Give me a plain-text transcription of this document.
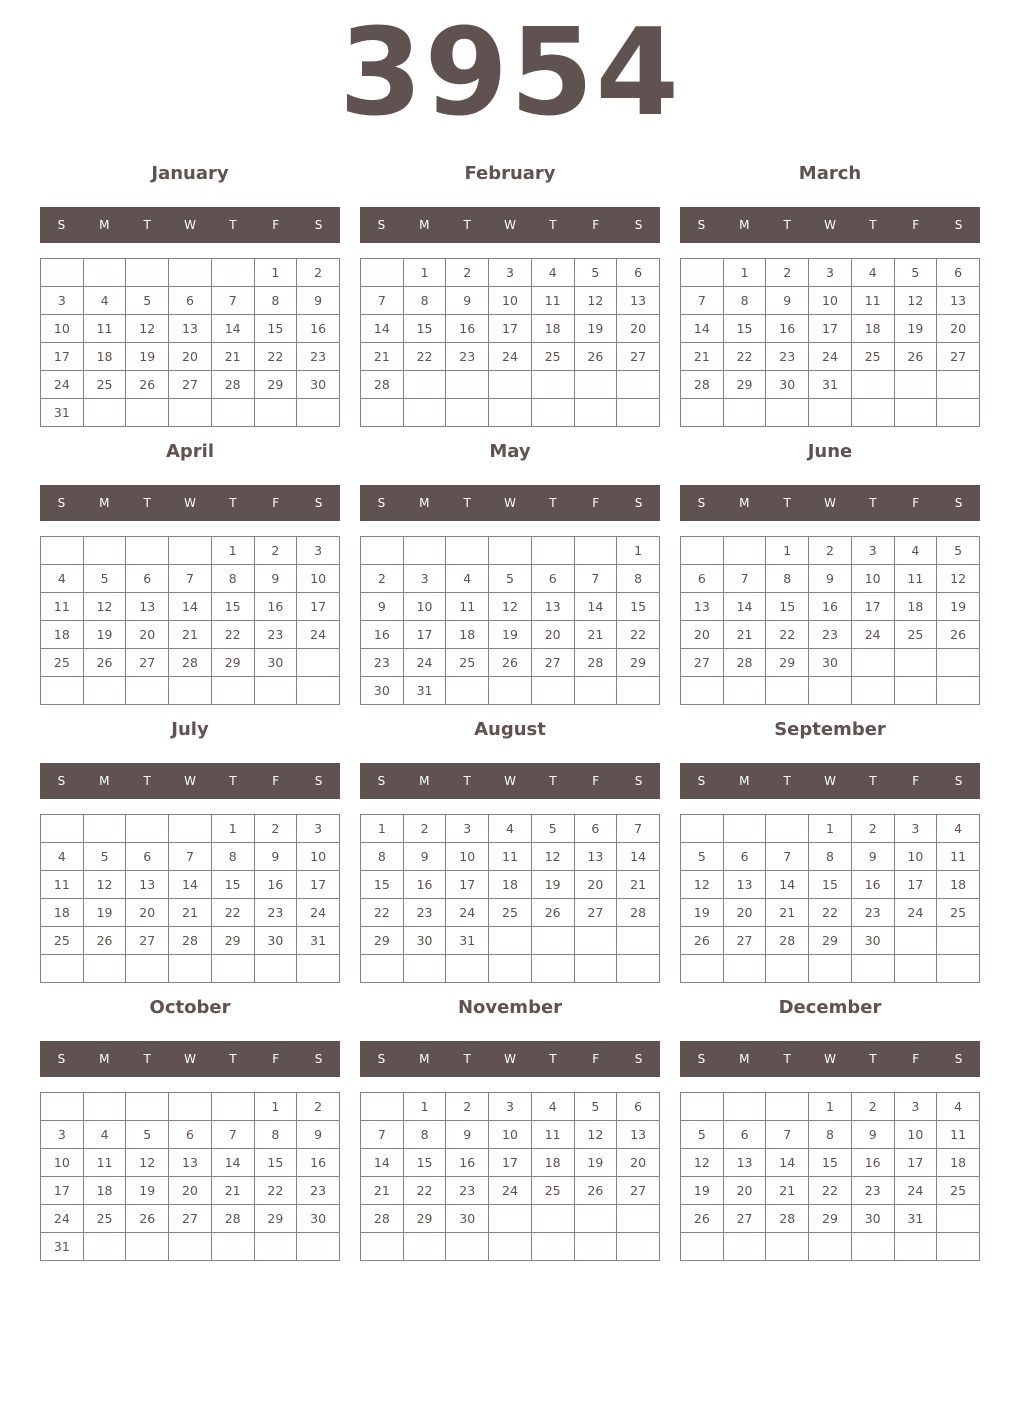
3954
January
S	M	T	W	T	F	S
					1	2
3	4	5	6	7	8	9
10	11	12	13	14	15	16
17	18	19	20	21	22	23
24	25	26	27	28	29	30
31						
February
S	M	T	W	T	F	S
	1	2	3	4	5	6
7	8	9	10	11	12	13
14	15	16	17	18	19	20
21	22	23	24	25	26	27
28						

March
S	M	T	W	T	F	S
	1	2	3	4	5	6
7	8	9	10	11	12	13
14	15	16	17	18	19	20
21	22	23	24	25	26	27
28	29	30	31			

April
S	M	T	W	T	F	S
				1	2	3
4	5	6	7	8	9	10
11	12	13	14	15	16	17
18	19	20	21	22	23	24
25	26	27	28	29	30	

May
S	M	T	W	T	F	S
						1
2	3	4	5	6	7	8
9	10	11	12	13	14	15
16	17	18	19	20	21	22
23	24	25	26	27	28	29
30	31					
June
S	M	T	W	T	F	S
		1	2	3	4	5
6	7	8	9	10	11	12
13	14	15	16	17	18	19
20	21	22	23	24	25	26
27	28	29	30			

July
S	M	T	W	T	F	S
				1	2	3
4	5	6	7	8	9	10
11	12	13	14	15	16	17
18	19	20	21	22	23	24
25	26	27	28	29	30	31

August
S	M	T	W	T	F	S
1	2	3	4	5	6	7
8	9	10	11	12	13	14
15	16	17	18	19	20	21
22	23	24	25	26	27	28
29	30	31				

September
S	M	T	W	T	F	S
			1	2	3	4
5	6	7	8	9	10	11
12	13	14	15	16	17	18
19	20	21	22	23	24	25
26	27	28	29	30		

October
S	M	T	W	T	F	S
					1	2
3	4	5	6	7	8	9
10	11	12	13	14	15	16
17	18	19	20	21	22	23
24	25	26	27	28	29	30
31						
November
S	M	T	W	T	F	S
	1	2	3	4	5	6
7	8	9	10	11	12	13
14	15	16	17	18	19	20
21	22	23	24	25	26	27
28	29	30				

December
S	M	T	W	T	F	S
			1	2	3	4
5	6	7	8	9	10	11
12	13	14	15	16	17	18
19	20	21	22	23	24	25
26	27	28	29	30	31	
